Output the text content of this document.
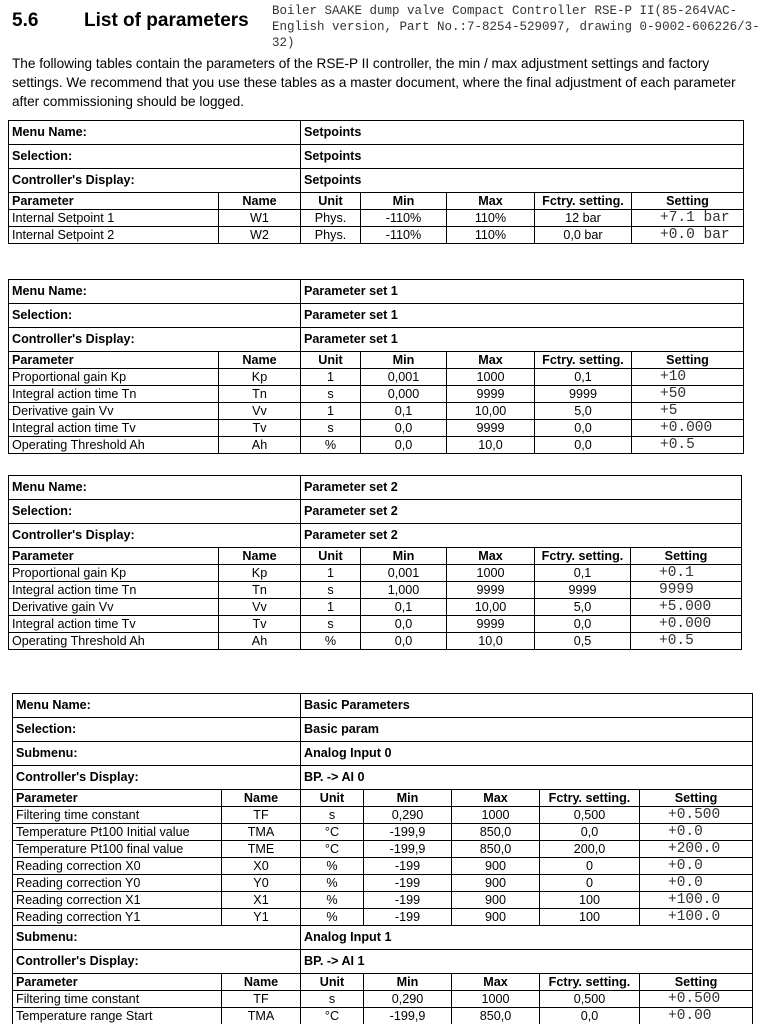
5.6 List of parameters Boiler SAAKE dump valve Compact Controller RSE-P II(85-264VAC- English version, Part No.:7-8254-529097, drawing 0-9002-606226/3-32)
The following tables contain the parameters of the RSE-P II controller, the min / max adjustment settings and factory settings. We recommend that you use these tables as a master document, where the final adjustment of each parameter after commissioning should be logged.
Menu Name:		Setpoints				
Selection:		Setpoints				
Controller's Display:		Setpoints				
Parameter	Name	Unit	Min	Max	Fctry. setting.	Setting
Internal Setpoint 1	W1	Phys.	-110%	110%	12 bar	+7.1 bar
Internal Setpoint 2	W2	Phys.	-110%	110%	0,0 bar	+0.0 bar
Menu Name:		Parameter set 1				
Selection:		Parameter set 1				
Controller's Display:		Parameter set 1				
Parameter	Name	Unit	Min	Max	Fctry. setting.	Setting
Proportional gain Kp	Kp	1	0,001	1000	0,1	+10
Integral action time Tn	Tn	s	0,000	9999	9999	+50
Derivative gain Vv	Vv	1	0,1	10,00	5,0	+5
Integral action time Tv	Tv	s	0,0	9999	0,0	+0.000
Operating Threshold Ah	Ah	%	0,0	10,0	0,0	+0.5
Menu Name:		Parameter set 2				
Selection:		Parameter set 2				
Controller's Display:		Parameter set 2				
Parameter	Name	Unit	Min	Max	Fctry. setting.	Setting
Proportional gain Kp	Kp	1	0,001	1000	0,1	+0.1
Integral action time Tn	Tn	s	1,000	9999	9999	9999
Derivative gain Vv	Vv	1	0,1	10,00	5,0	+5.000
Integral action time Tv	Tv	s	0,0	9999	0,0	+0.000
Operating Threshold Ah	Ah	%	0,0	10,0	0,5	+0.5
Menu Name:		Basic Parameters				
Selection:		Basic param				
Submenu:		Analog Input 0				
Controller's Display:		BP. -> AI 0				
Parameter	Name	Unit	Min	Max	Fctry. setting.	Setting
Filtering time constant	TF	s	0,290	1000	0,500	+0.500
Temperature Pt100 Initial value	TMA	°C	-199,9	850,0	0,0	+0.0
Temperature Pt100 final value	TME	°C	-199,9	850,0	200,0	+200.0
Reading correction X0	X0	%	-199	900	0	+0.0
Reading correction Y0	Y0	%	-199	900	0	+0.0
Reading correction X1	X1	%	-199	900	100	+100.0
Reading correction Y1	Y1	%	-199	900	100	+100.0
Submenu:		Analog Input 1				
Controller's Display:		BP. -> AI 1				
Parameter	Name	Unit	Min	Max	Fctry. setting.	Setting
Filtering time constant	TF	s	0,290	1000	0,500	+0.500
Temperature range Start	TMA	°C	-199,9	850,0	0,0	+0.00
